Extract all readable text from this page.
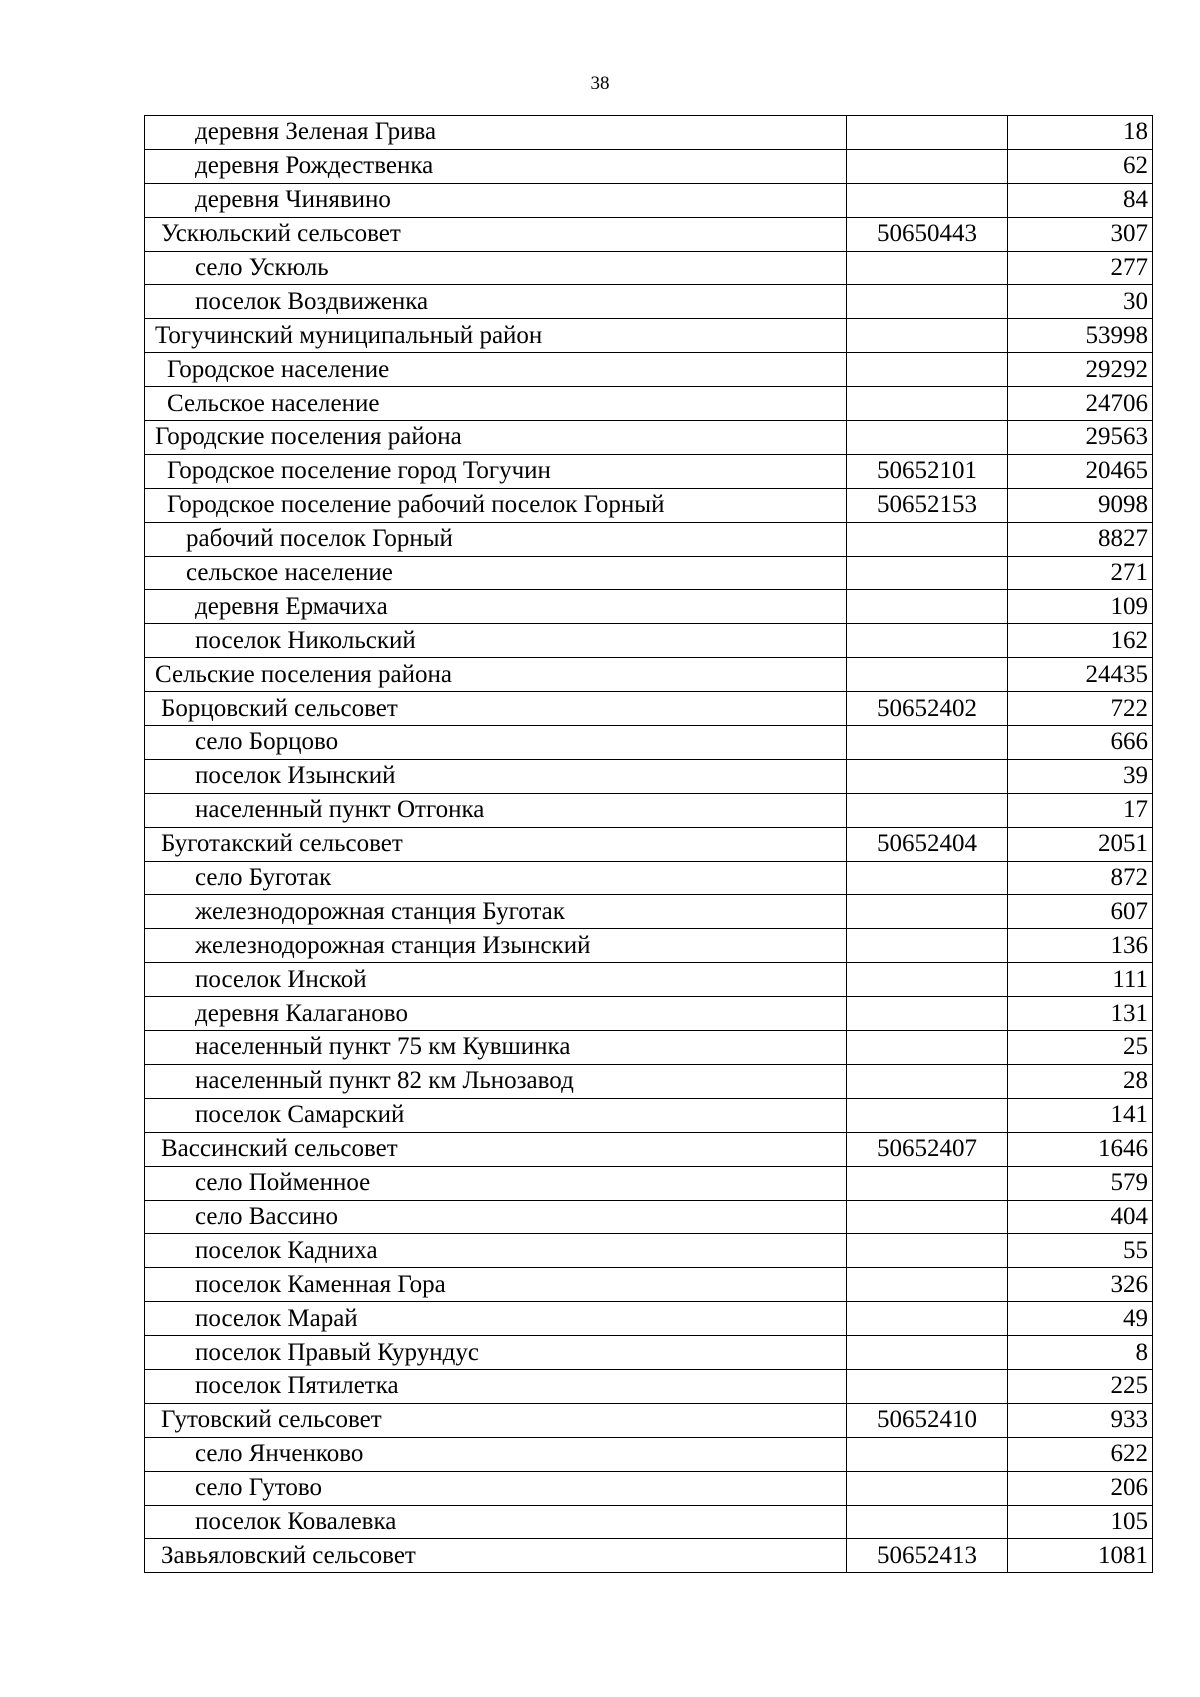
38
деревня Зеленая Грива		18
деревня Рождественка		62
деревня Чинявино		84
Ускюльский сельсовет	50650443	307
село Ускюль		277
поселок Воздвиженка		30
Тогучинский муниципальный район		53998
Городское население		29292
Сельское население		24706
Городские поселения района		29563
Городское поселение город Тогучин	50652101	20465
Городское поселение рабочий поселок Горный	50652153	9098
рабочий поселок Горный		8827
сельское население		271
деревня Ермачиха		109
поселок Никольский		162
Сельские поселения района		24435
Борцовский сельсовет	50652402	722
село Борцово		666
поселок Изынский		39
населенный пункт Отгонка		17
Буготакский сельсовет	50652404	2051
село Буготак		872
железнодорожная станция Буготак		607
железнодорожная станция Изынский		136
поселок Инской		111
деревня Калаганово		131
населенный пункт 75 км Кувшинка		25
населенный пункт 82 км Льнозавод		28
поселок Самарский		141
Вассинский сельсовет	50652407	1646
село Пойменное		579
село Вассино		404
поселок Кадниха		55
поселок Каменная Гора		326
поселок Марай		49
поселок Правый Курундус		8
поселок Пятилетка		225
Гутовский сельсовет	50652410	933
село Янченково		622
село Гутово		206
поселок Ковалевка		105
Завьяловский сельсовет	50652413	1081
